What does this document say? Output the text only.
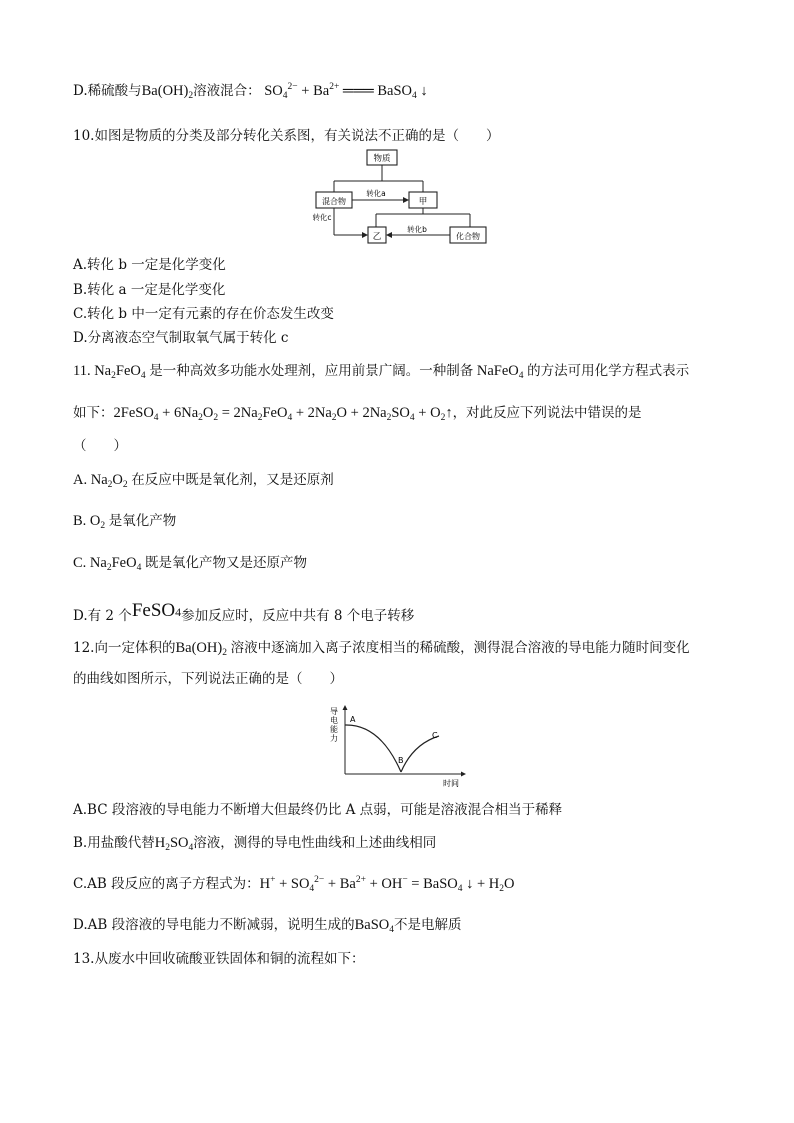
D.稀硫酸与$Ba(OH)_2$溶液混合： $SO_4^{2-} + Ba^{2+}$ ═══ BaSO$_4$ ↓
10.如图是物质的分类及部分转化关系图，有关说法不正确的是（　　）
物质
混合物	甲
转化a
乙	化合物
转化b
转化c
A.转化 b 一定是化学变化
B.转化 a 一定是化学变化
C.转化 b 中一定有元素的存在价态发生改变
D.分离液态空气制取氧气属于转化 c
11. $Na_2FeO_4$ 是一种高效多功能水处理剂，应用前景广阔。一种制备 NaFeO$_4$ 的方法可用化学方程式表示
如下：2FeSO$_4$ + $6Na_2O_2 = 2Na_2FeO_4 + 2Na_2O + 2Na_2SO_4$ + $O_2↑$，对此反应下列说法中错误的是
（　　）
A. $Na_2O_2$ 在反应中既是氧化剂，又是还原剂
B. $O_2$ 是氧化产物
C. $Na_2FeO_4$ 既是氧化产物又是还原产物
D.有 2 个FeSO4参加反应时，反应中共有 8 个电子转移
12.向一定体积的$Ba(OH)_2$ 溶液中逐滴加入离子浓度相当的稀硫酸，测得混合溶液的导电能力随时间变化
的曲线如图所示，下列说法正确的是（　　）
导
电
能
力
A
B
C
时间
A.BC 段溶液的导电能力不断增大但最终仍比 A 点弱，可能是溶液混合相当于稀释
B.用盐酸代替$H_2SO_4$溶液，测得的导电性曲线和上述曲线相同
C.AB 段反应的离子方程式为：$H^+ + SO_4^{2-} + Ba^{2+} + OH^-$ = BaSO$_4$ ↓ + $H_2O$
D.AB 段溶液的导电能力不断减弱，说明生成的BaSO$_4$不是电解质
13.从废水中回收硫酸亚铁固体和铜的流程如下：
